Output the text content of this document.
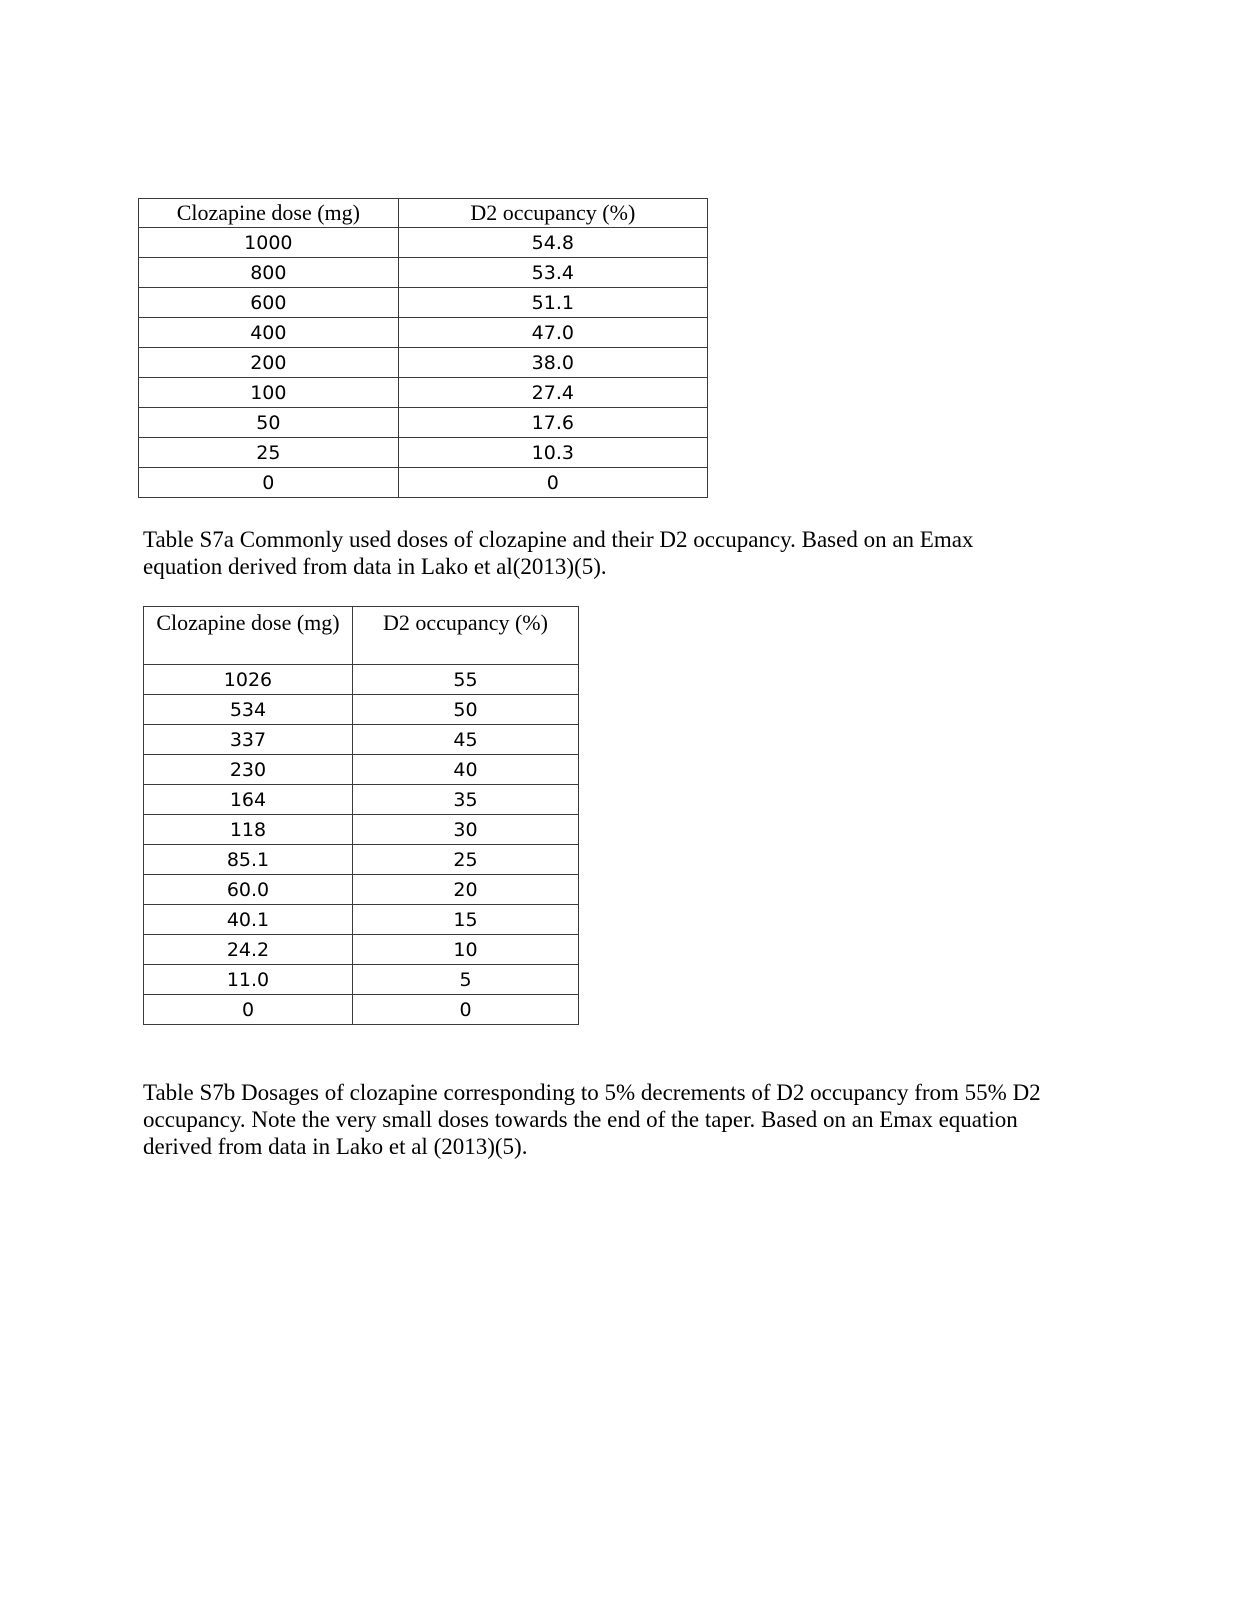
Clozapine dose (mg)	D2 occupancy (%)
1000	54.8
800	53.4
600	51.1
400	47.0
200	38.0
100	27.4
50	17.6
25	10.3
0	0

Table S7a Commonly used doses of clozapine and their D2 occupancy. Based on an Emax equation derived from data in Lako et al(2013)(5).

Clozapine dose (mg)	D2 occupancy (%)
1026	55
534	50
337	45
230	40
164	35
118	30
85.1	25
60.0	20
40.1	15
24.2	10
11.0	5
0	0

Table S7b Dosages of clozapine corresponding to 5% decrements of D2 occupancy from 55% D2 occupancy. Note the very small doses towards the end of the taper. Based on an Emax equation derived from data in Lako et al (2013)(5).
